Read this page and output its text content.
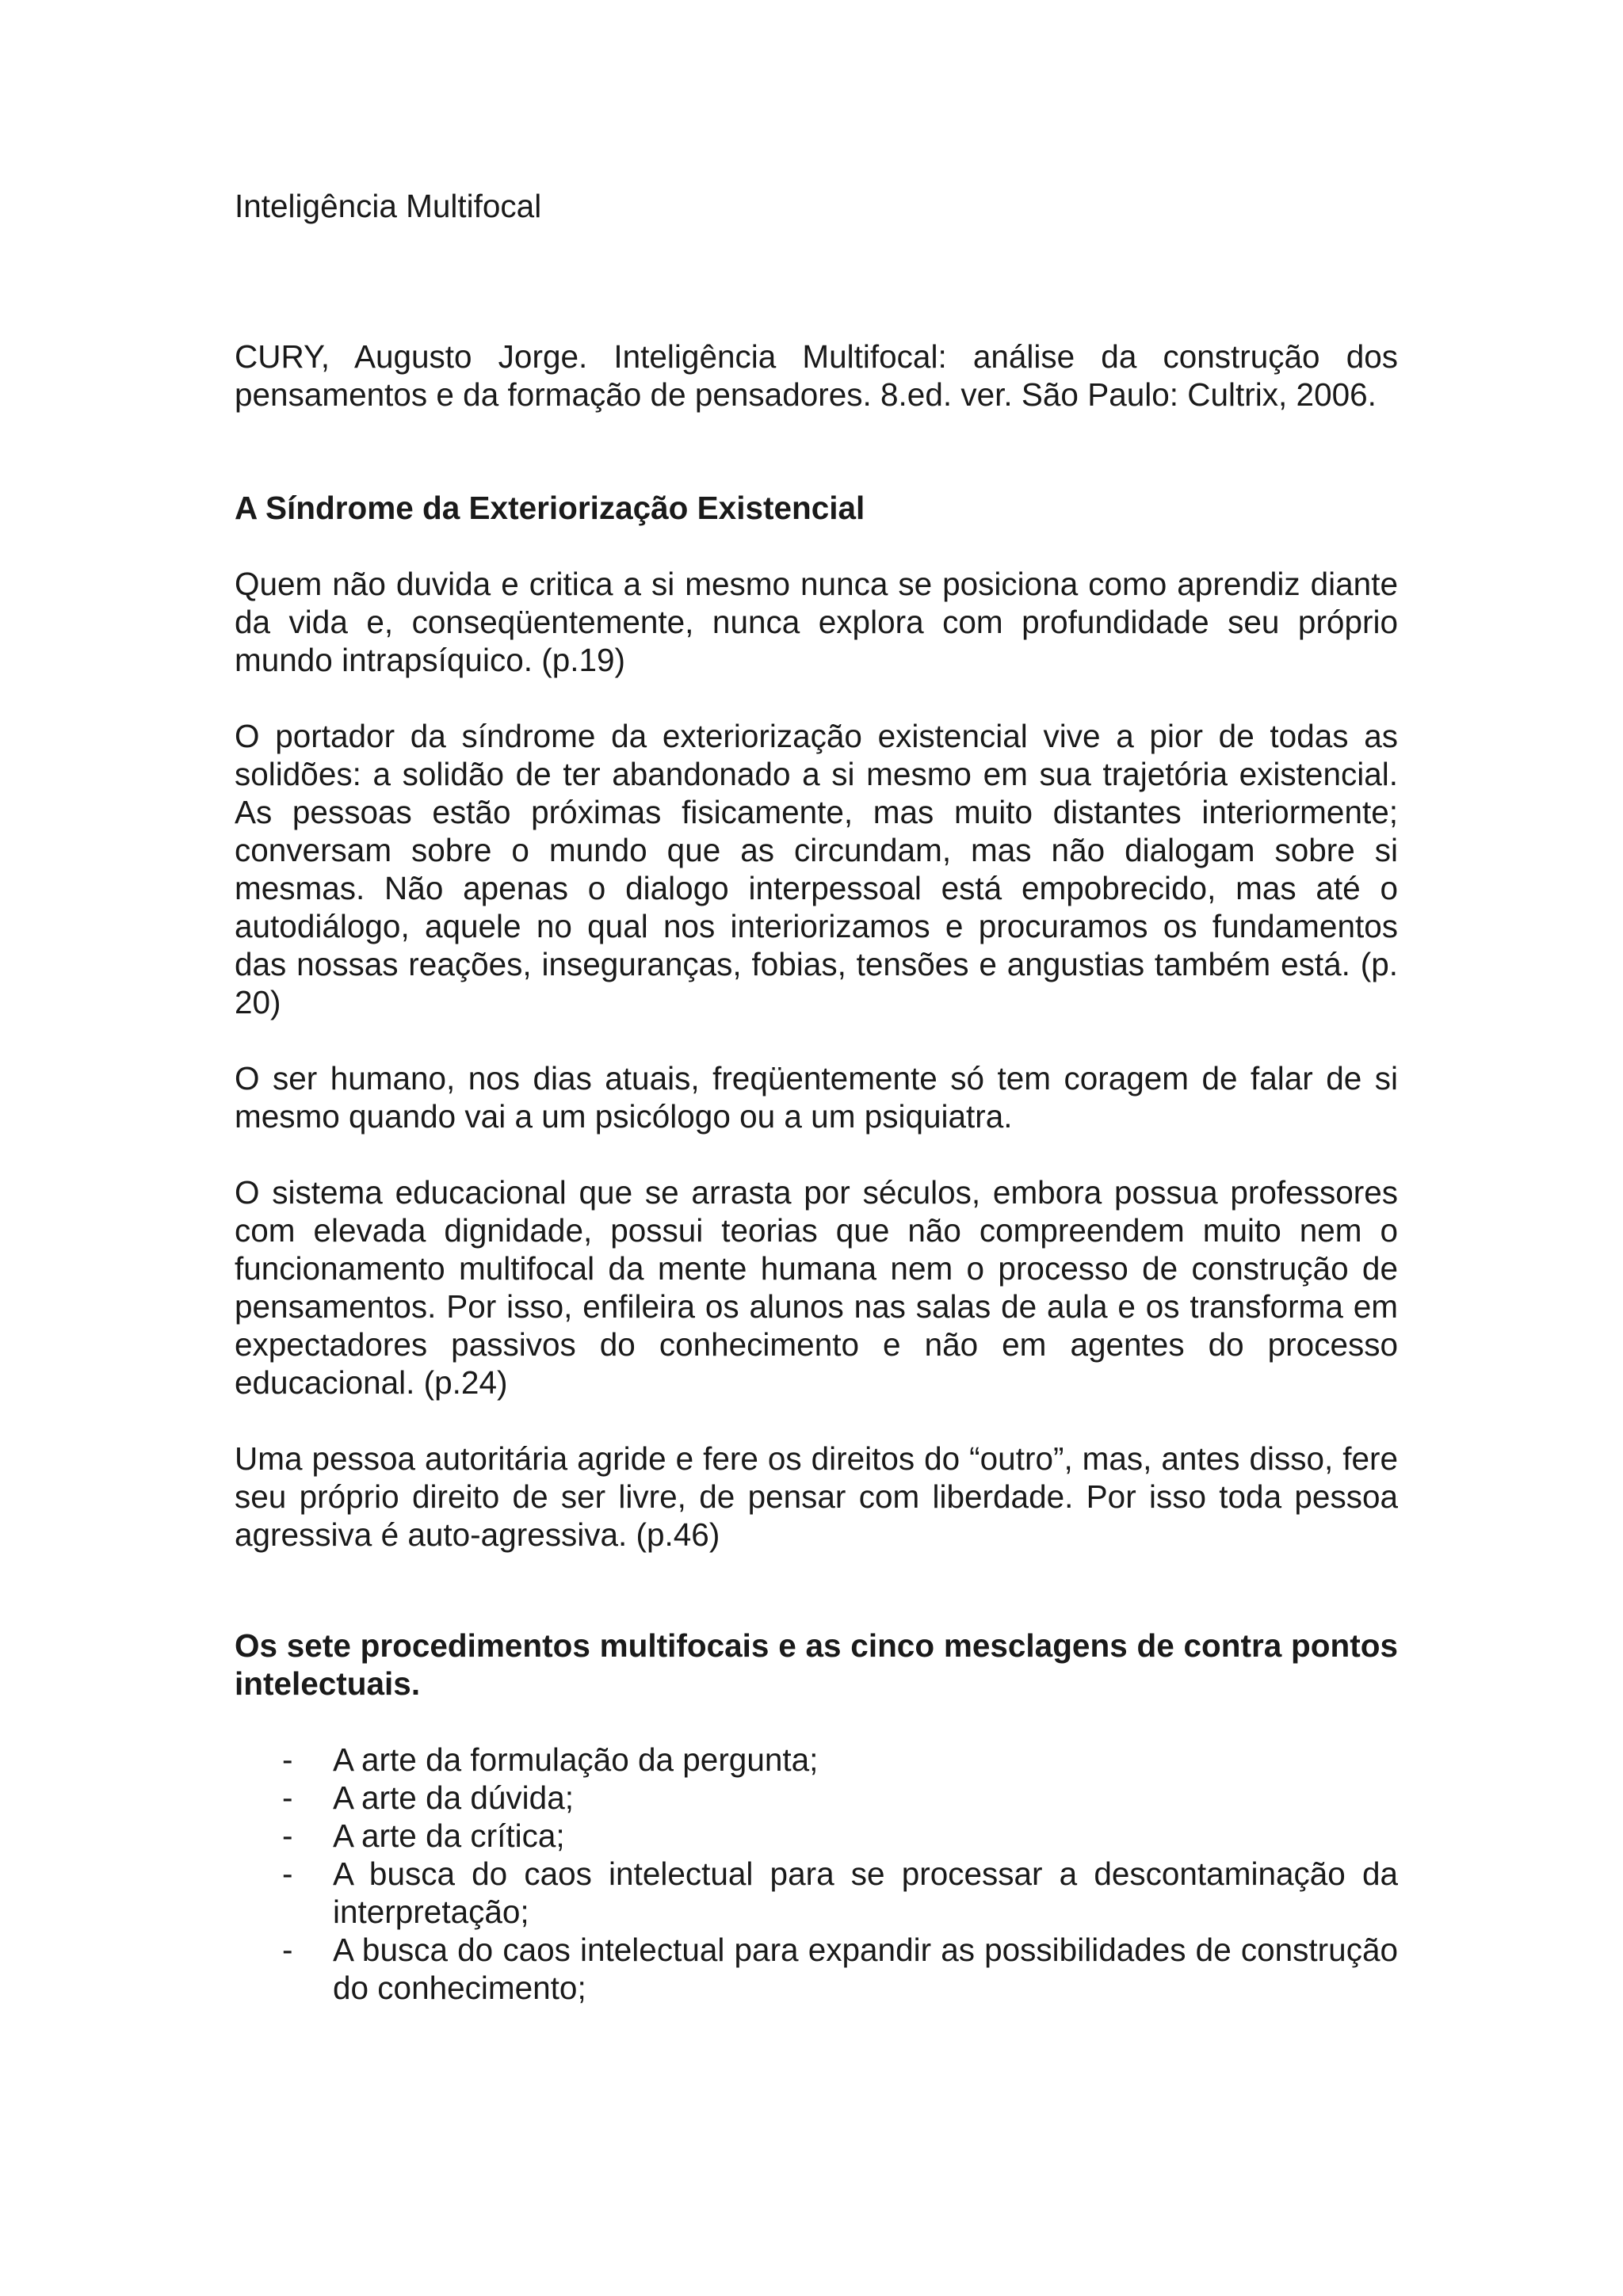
Inteligência Multifocal

CURY, Augusto Jorge. Inteligência Multifocal: análise da construção dos pensamentos e da formação de pensadores. 8.ed. ver. São Paulo: Cultrix, 2006.

A Síndrome da Exteriorização Existencial

Quem não duvida e critica a si mesmo nunca se posiciona como aprendiz diante da vida e, conseqüentemente, nunca explora com profundidade seu próprio mundo intrapsíquico. (p.19)

O portador da síndrome da exteriorização existencial vive a pior de todas as solidões: a solidão de ter abandonado a si mesmo em sua trajetória existencial. As pessoas estão próximas fisicamente, mas muito distantes interiormente; conversam sobre o mundo que as circundam, mas não dialogam sobre si mesmas. Não apenas o dialogo interpessoal está empobrecido, mas até o autodiálogo, aquele no qual nos interiorizamos e procuramos os fundamentos das nossas reações, inseguranças, fobias, tensões e angustias também está. (p. 20)

O ser humano, nos dias atuais, freqüentemente só tem coragem de falar de si mesmo quando vai a um psicólogo ou a um psiquiatra.

O sistema educacional que se arrasta por séculos, embora possua professores com elevada dignidade, possui teorias que não compreendem muito nem o funcionamento multifocal da mente humana nem o processo de construção de pensamentos. Por isso, enfileira os alunos nas salas de aula e os transforma em expectadores passivos do conhecimento e não em agentes do processo educacional. (p.24)

Uma pessoa autoritária agride e fere os direitos do “outro”, mas, antes disso, fere seu próprio direito de ser livre, de pensar com liberdade. Por isso toda pessoa agressiva é auto-agressiva. (p.46)

Os sete procedimentos multifocais e as cinco mesclagens de contra pontos intelectuais.
- A arte da formulação da pergunta;
- A arte da dúvida;
- A arte da crítica;
- A busca do caos intelectual para se processar a descontaminação da interpretação;
- A busca do caos intelectual para expandir as possibilidades de construção do conhecimento;
